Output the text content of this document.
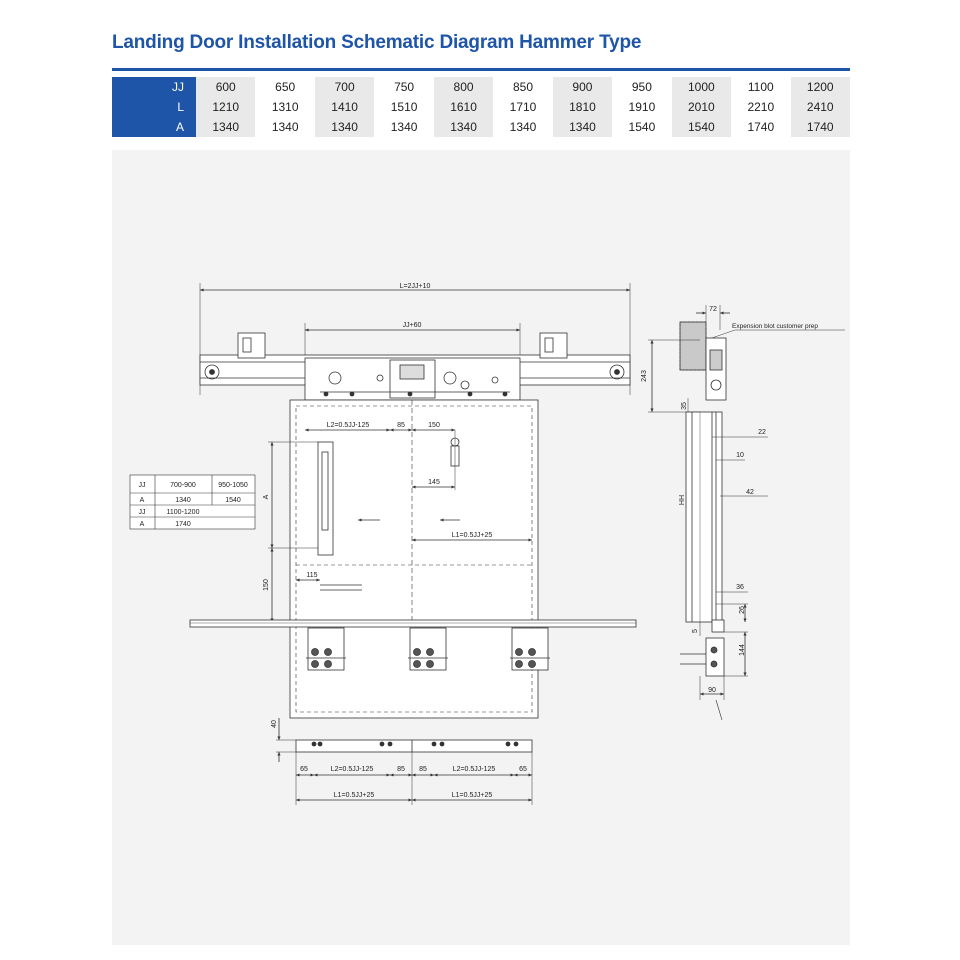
Landing Door Installation Schematic Diagram Hammer Type
JJ	600	650	700	750	800	850	900	950	1000	1100	1200
L	1210	1310	1410	1510	1610	1710	1810	1910	2010	2210	2410
A	1340	1340	1340	1340	1340	1340	1340	1540	1540	1740	1740
L=2JJ+10
JJ+60
L2=0.5JJ-125	85	150
145
L1=0.5JJ+25
A
150
115
40
65	L2=0.5JJ-125	85 85	L2=0.5JJ-125	65
L1=0.5JJ+25	L1=0.5JJ+25
JJ	700-900	950-1050
A	1340	1540
JJ	1100-1200
A	1740
72
Expension blot customer prep
243
35
22
10
HH
42
36
26
5
144
90
